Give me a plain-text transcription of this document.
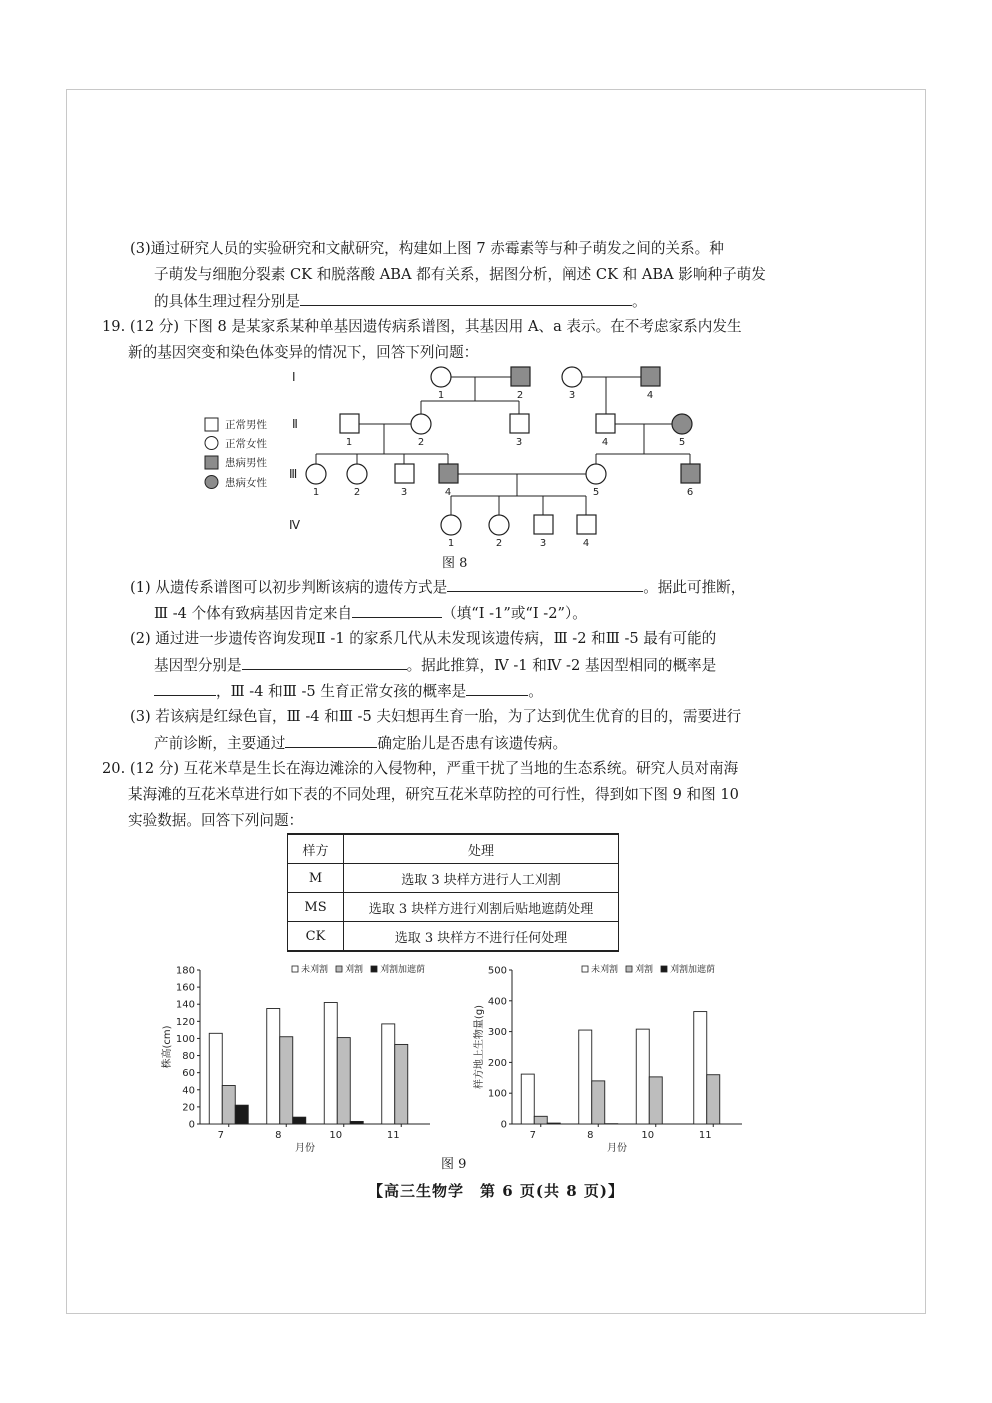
(3)通过研究人员的实验研究和文献研究，构建如上图 7 赤霉素等与种子萌发之间的关系。种
子萌发与细胞分裂素 CK 和脱落酸 ABA 都有关系，据图分析，阐述 CK 和 ABA 影响种子萌发
的具体生理过程分别是	。
19. (12 分) 下图 8 是某家系某种单基因遗传病系谱图，其基因用 A、a 表示。在不考虑家系内发生
新的基因突变和染色体变异的情况下，回答下列问题：
Ⅰ
Ⅱ
Ⅲ
Ⅳ
1	2	3	4
1	2	3	4	5
1	2	3	4	5	6
1	2	3	4
正常男性
正常女性
患病男性
患病女性
图 8
(1) 从遗传系谱图可以初步判断该病的遗传方式是	。据此可推断，
Ⅲ -4 个体有致病基因肯定来自	（填“Ⅰ -1”或“Ⅰ -2”）。
(2) 通过进一步遗传咨询发现Ⅱ -1 的家系几代从未发现该遗传病，Ⅲ -2 和Ⅲ -5 最有可能的
基因型分别是	。据此推算，Ⅳ -1 和Ⅳ -2 基因型相同的概率是
，Ⅲ -4 和Ⅲ -5 生育正常女孩的概率是	。
(3) 若该病是红绿色盲，Ⅲ -4 和Ⅲ -5 夫妇想再生育一胎，为了达到优生优育的目的，需要进行
产前诊断，主要通过	确定胎儿是否患有该遗传病。
20. (12 分) 互花米草是生长在海边滩涂的入侵物种，严重干扰了当地的生态系统。研究人员对南海
某海滩的互花米草进行如下表的不同处理，研究互花米草防控的可行性，得到如下图 9 和图 10
实验数据。回答下列问题：
样方	处理
M	选取 3 块样方进行人工刈割
MS	选取 3 块样方进行刈割后贴地遮荫处理
CK	选取 3 块样方不进行任何处理
0
20
40
60
80
100
120
140
160
180
7	8	10	11
月份
株高(cm)
未刈割 刈割 刈割加遮荫
0
100
200
300
400
500
7	8	10	11
月份
样方地上生物量(g)
未刈割 刈割 刈割加遮荫
图 9
【高三生物学　第 6 页(共 8 页)】
